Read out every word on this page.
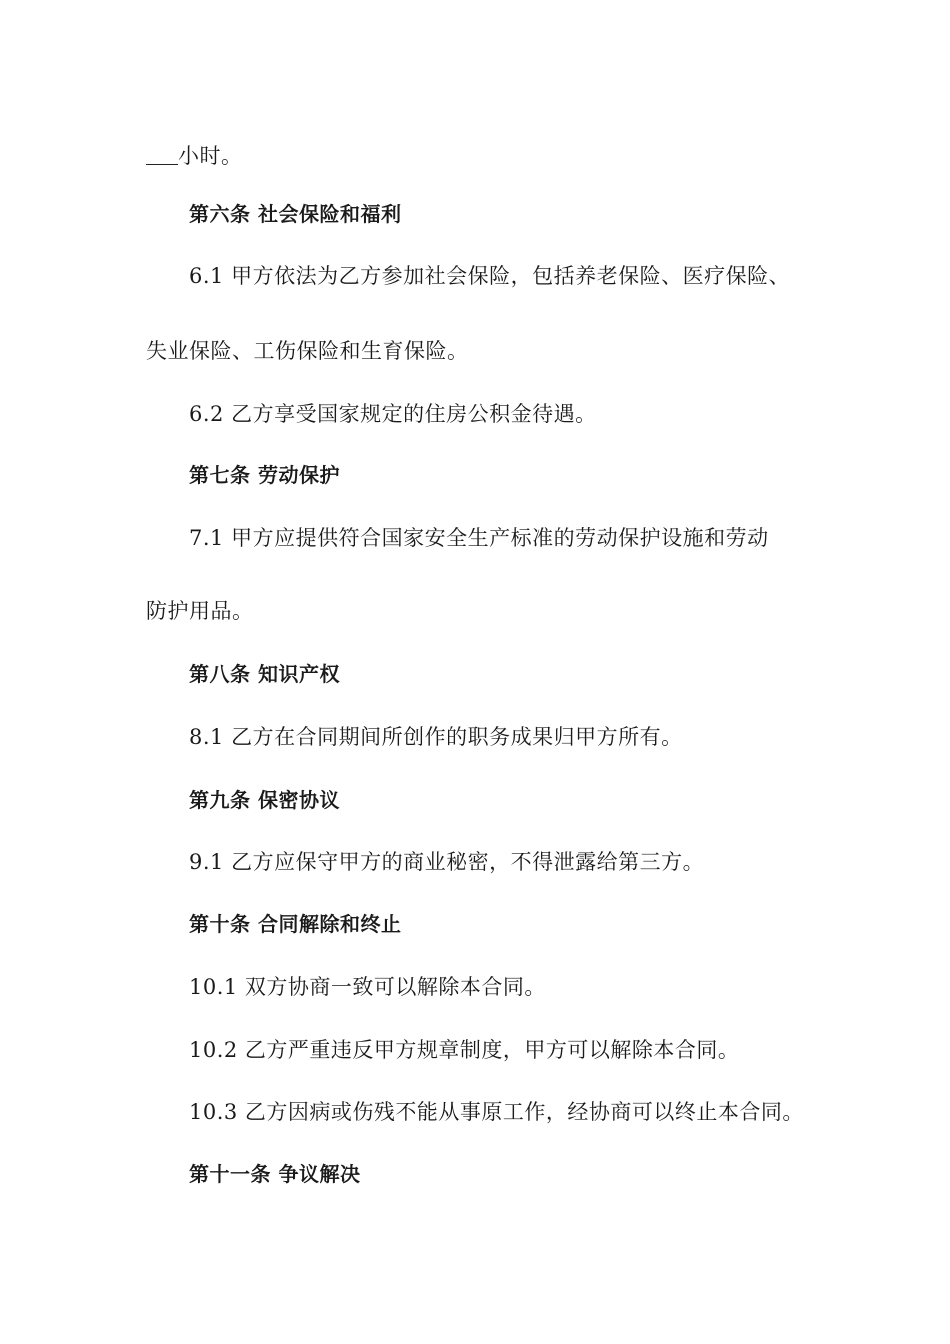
小时。
第六条 社会保险和福利
6.1 甲方依法为乙方参加社会保险，包括养老保险、医疗保险、
失业保险、工伤保险和生育保险。
6.2 乙方享受国家规定的住房公积金待遇。
第七条 劳动保护
7.1 甲方应提供符合国家安全生产标准的劳动保护设施和劳动
防护用品。
第八条 知识产权
8.1 乙方在合同期间所创作的职务成果归甲方所有。
第九条 保密协议
9.1 乙方应保守甲方的商业秘密，不得泄露给第三方。
第十条 合同解除和终止
10.1 双方协商一致可以解除本合同。
10.2 乙方严重违反甲方规章制度，甲方可以解除本合同。
10.3 乙方因病或伤残不能从事原工作，经协商可以终止本合同。
第十一条 争议解决
